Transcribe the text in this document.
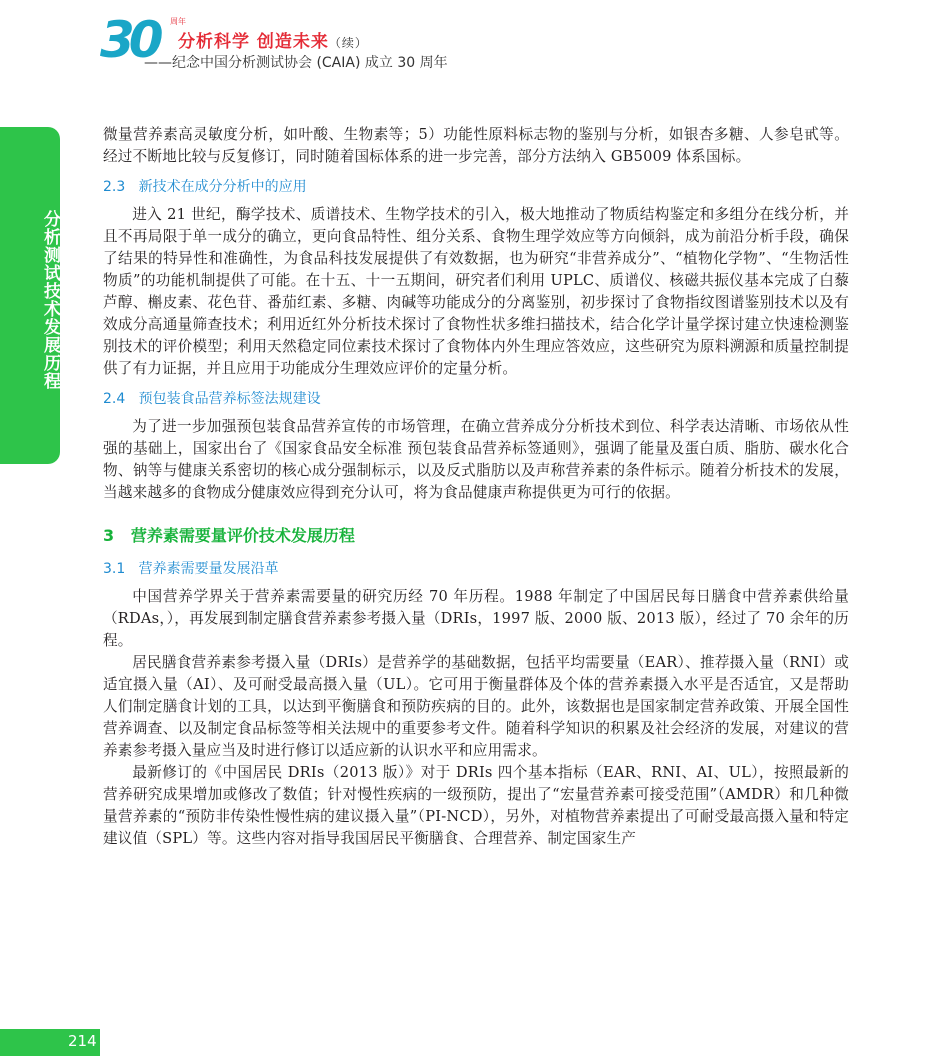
30 周年
分析科学 创造未来（续）
——纪念中国分析测试协会 (CAIA) 成立 30 周年
分析测试技术发展历程

微量营养素高灵敏度分析，如叶酸、生物素等；5）功能性原料标志物的鉴别与分析，如银杏多糖、人参皂甙等。经过不断地比较与反复修订，同时随着国标体系的进一步完善，部分方法纳入 GB5009 体系国标。

2.3   新技术在成分分析中的应用

进入 21 世纪，酶学技术、质谱技术、生物学技术的引入，极大地推动了物质结构鉴定和多组分在线分析，并且不再局限于单一成分的确立，更向食品特性、组分关系、食物生理学效应等方向倾斜，成为前沿分析手段，确保了结果的特异性和准确性，为食品科技发展提供了有效数据，也为研究“非营养成分”、“植物化学物”、“生物活性物质”的功能机制提供了可能。在十五、十一五期间，研究者们利用 UPLC、质谱仪、核磁共振仪基本完成了白藜芦醇、槲皮素、花色苷、番茄红素、多糖、肉碱等功能成分的分离鉴别，初步探讨了食物指纹图谱鉴别技术以及有效成分高通量筛查技术；利用近红外分析技术探讨了食物性状多维扫描技术，结合化学计量学探讨建立快速检测鉴别技术的评价模型；利用天然稳定同位素技术探讨了食物体内外生理应答效应，这些研究为原料溯源和质量控制提供了有力证据，并且应用于功能成分生理效应评价的定量分析。

2.4   预包装食品营养标签法规建设

为了进一步加强预包装食品营养宣传的市场管理，在确立营养成分分析技术到位、科学表达清晰、市场依从性强的基础上，国家出台了《国家食品安全标准 预包装食品营养标签通则》，强调了能量及蛋白质、脂肪、碳水化合物、钠等与健康关系密切的核心成分强制标示，以及反式脂肪以及声称营养素的条件标示。随着分析技术的发展，当越来越多的食物成分健康效应得到充分认可，将为食品健康声称提供更为可行的依据。

3   营养素需要量评价技术发展历程
3.1   营养素需要量发展沿革

中国营养学界关于营养素需要量的研究历经 70 年历程。1988 年制定了中国居民每日膳食中营养素供给量（RDAs，），再发展到制定膳食营养素参考摄入量（DRIs，1997 版、2000 版、2013 版），经过了 70 余年的历程。

居民膳食营养素参考摄入量（DRIs）是营养学的基础数据，包括平均需要量（EAR）、推荐摄入量（RNI）或适宜摄入量（AI）、及可耐受最高摄入量（UL）。它可用于衡量群体及个体的营养素摄入水平是否适宜，又是帮助人们制定膳食计划的工具，以达到平衡膳食和预防疾病的目的。此外，该数据也是国家制定营养政策、开展全国性营养调查、以及制定食品标签等相关法规中的重要参考文件。随着科学知识的积累及社会经济的发展，对建议的营养素参考摄入量应当及时进行修订以适应新的认识水平和应用需求。

最新修订的《中国居民 DRIs（2013 版）》对于 DRIs 四个基本指标（EAR、RNI、AI、UL），按照最新的营养研究成果增加或修改了数值；针对慢性疾病的一级预防，提出了“宏量营养素可接受范围”（AMDR）和几种微量营养素的“预防非传染性慢性病的建议摄入量”（PI-NCD），另外，对植物营养素提出了可耐受最高摄入量和特定建议值（SPL）等。这些内容对指导我国居民平衡膳食、合理营养、制定国家生产

214
